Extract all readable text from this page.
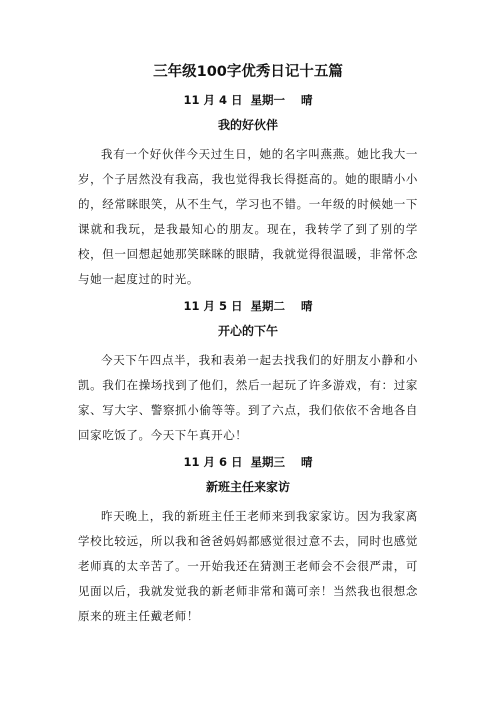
三年级100字优秀日记十五篇
11 月 4 日  星期一    晴
我的好伙伴

我有一个好伙伴今天过生日，她的名字叫燕燕。她比我大一岁，个子居然没有我高，我也觉得我长得挺高的。她的眼睛小小的，经常眯眼笑，从不生气，学习也不错。一年级的时候她一下课就和我玩，是我最知心的朋友。现在，我转学了到了别的学校，但一回想起她那笑眯眯的眼睛，我就觉得很温暖，非常怀念与她一起度过的时光。

11 月 5 日  星期二    晴
开心的下午

今天下午四点半，我和表弟一起去找我们的好朋友小静和小凯。我们在操场找到了他们，然后一起玩了许多游戏，有：过家家、写大字、警察抓小偷等等。到了六点，我们依依不舍地各自回家吃饭了。今天下午真开心！

11 月 6 日  星期三    晴
新班主任来家访

昨天晚上，我的新班主任王老师来到我家家访。因为我家离学校比较远，所以我和爸爸妈妈都感觉很过意不去，同时也感觉老师真的太辛苦了。一开始我还在猜测王老师会不会很严肃，可见面以后，我就发觉我的新老师非常和蔼可亲！当然我也很想念原来的班主任戴老师！
